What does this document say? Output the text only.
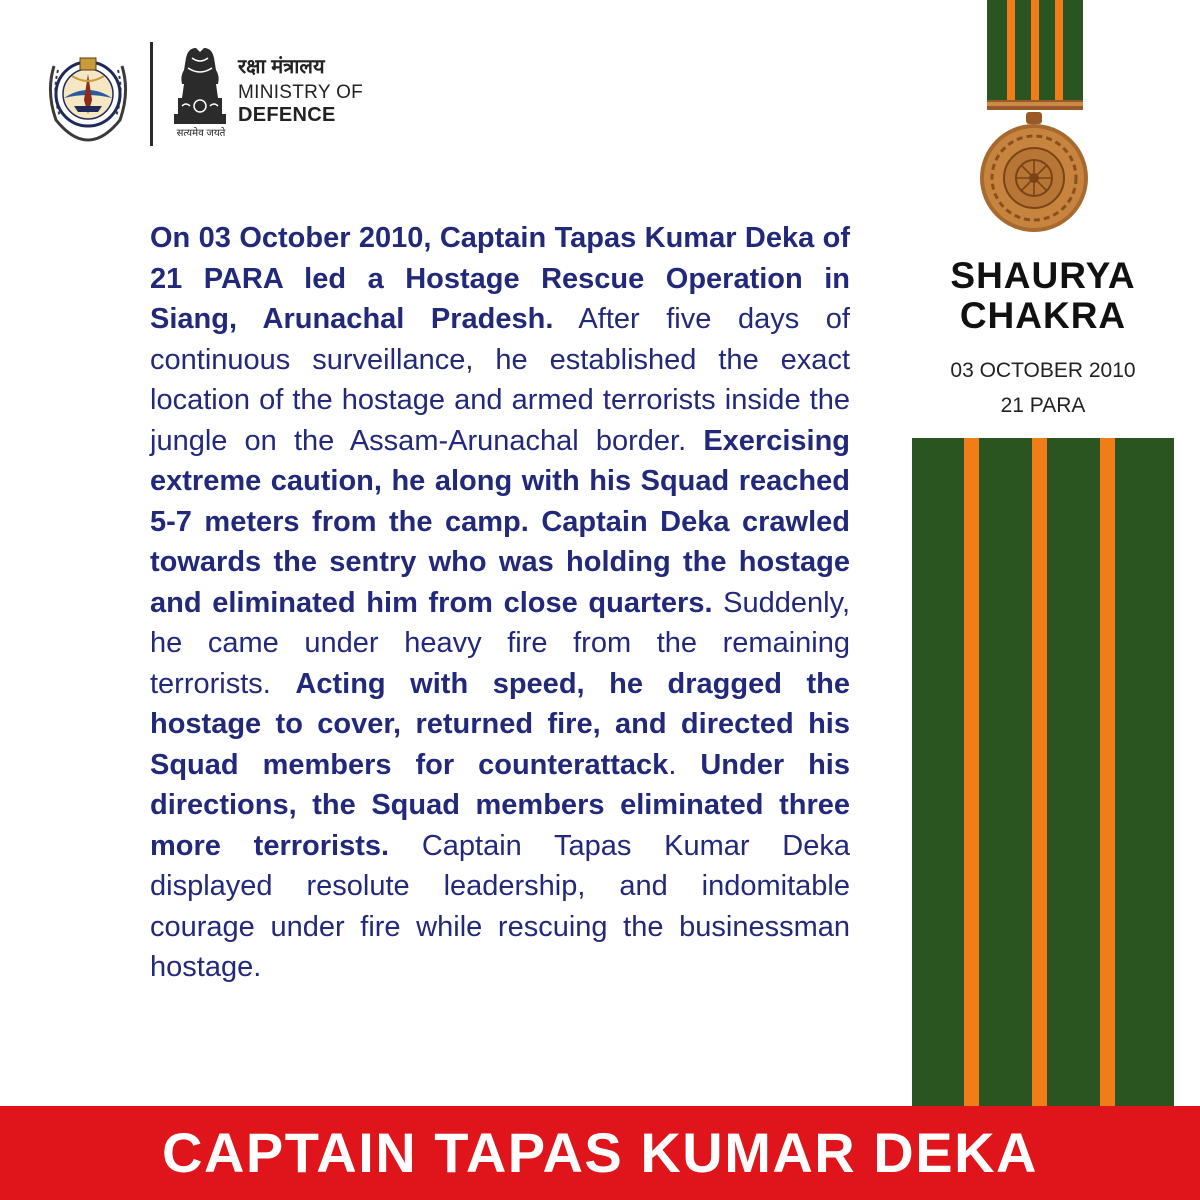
रक्षा मंत्रालय
MINISTRY OF
DEFENCE
सत्यमेव जयते
On 03 October 2010, Captain Tapas Kumar Deka of 21 PARA led a Hostage Rescue Operation in Siang, Arunachal Pradesh. After five days of continuous surveillance, he established the exact location of the hostage and armed terrorists inside the jungle on the Assam-Arunachal border. Exercising extreme caution, he along with his Squad reached 5-7 meters from the camp. Captain Deka crawled towards the sentry who was holding the hostage and eliminated him from close quarters. Suddenly, he came under heavy fire from the remaining terrorists. Acting with speed, he dragged the hostage to cover, returned fire, and directed his Squad members for counterattack. Under his directions, the Squad members eliminated three more terrorists. Captain Tapas Kumar Deka displayed resolute leadership, and indomitable courage under fire while rescuing the businessman hostage.
SHAURYA
CHAKRA
03 OCTOBER 2010
21 PARA
CAPTAIN TAPAS KUMAR DEKA
